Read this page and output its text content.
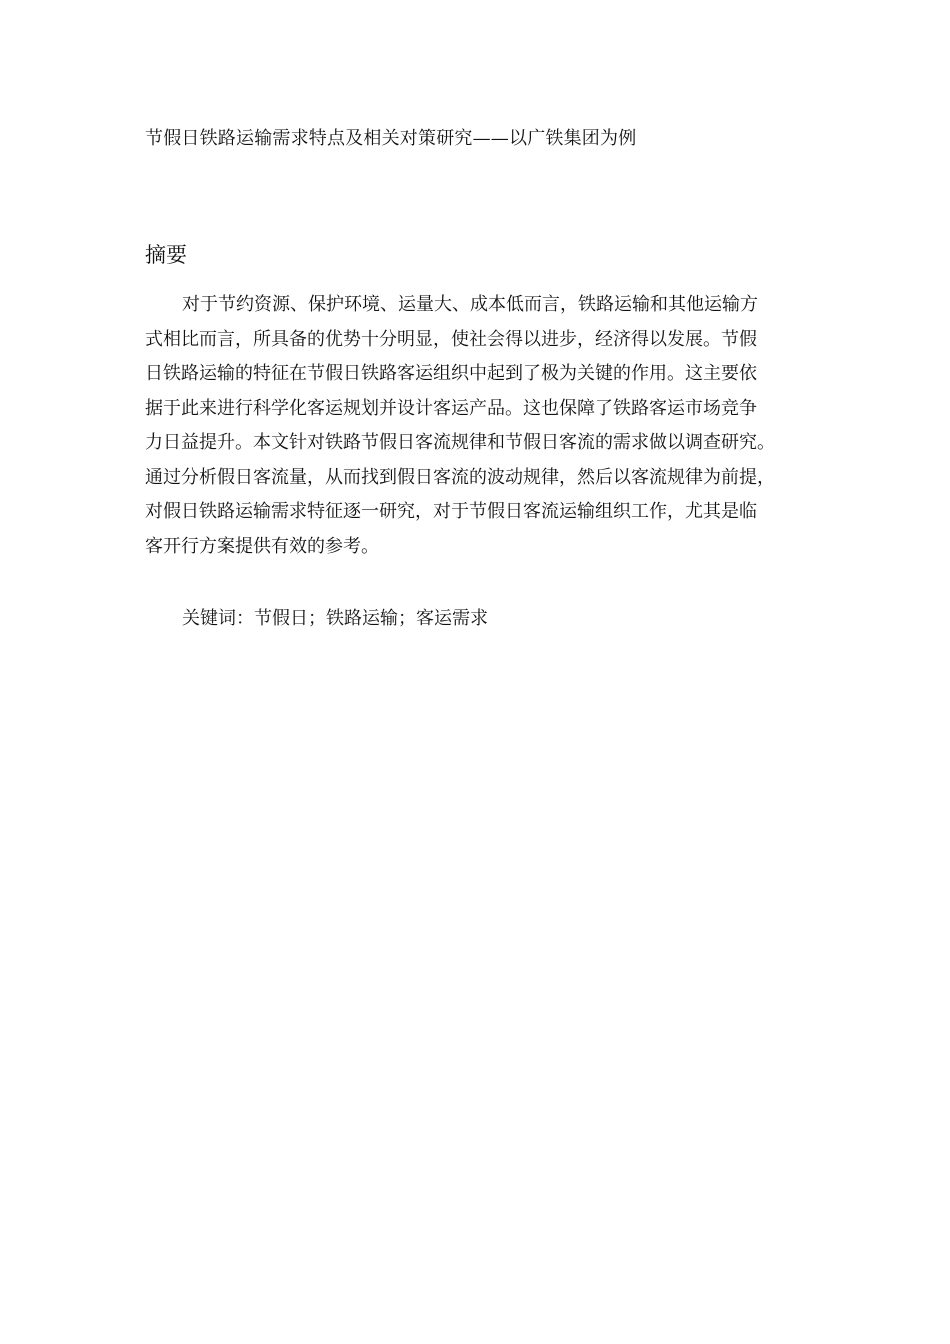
节假日铁路运输需求特点及相关对策研究——以广铁集团为例
摘要
对于节约资源、保护环境、运量大、成本低而言，铁路运输和其他运输方
式相比而言，所具备的优势十分明显，使社会得以进步，经济得以发展。节假
日铁路运输的特征在节假日铁路客运组织中起到了极为关键的作用。这主要依
据于此来进行科学化客运规划并设计客运产品。这也保障了铁路客运市场竞争
力日益提升。本文针对铁路节假日客流规律和节假日客流的需求做以调查研究。
通过分析假日客流量，从而找到假日客流的波动规律，然后以客流规律为前提，
对假日铁路运输需求特征逐一研究，对于节假日客流运输组织工作，尤其是临
客开行方案提供有效的参考。
关键词：节假日；铁路运输；客运需求
